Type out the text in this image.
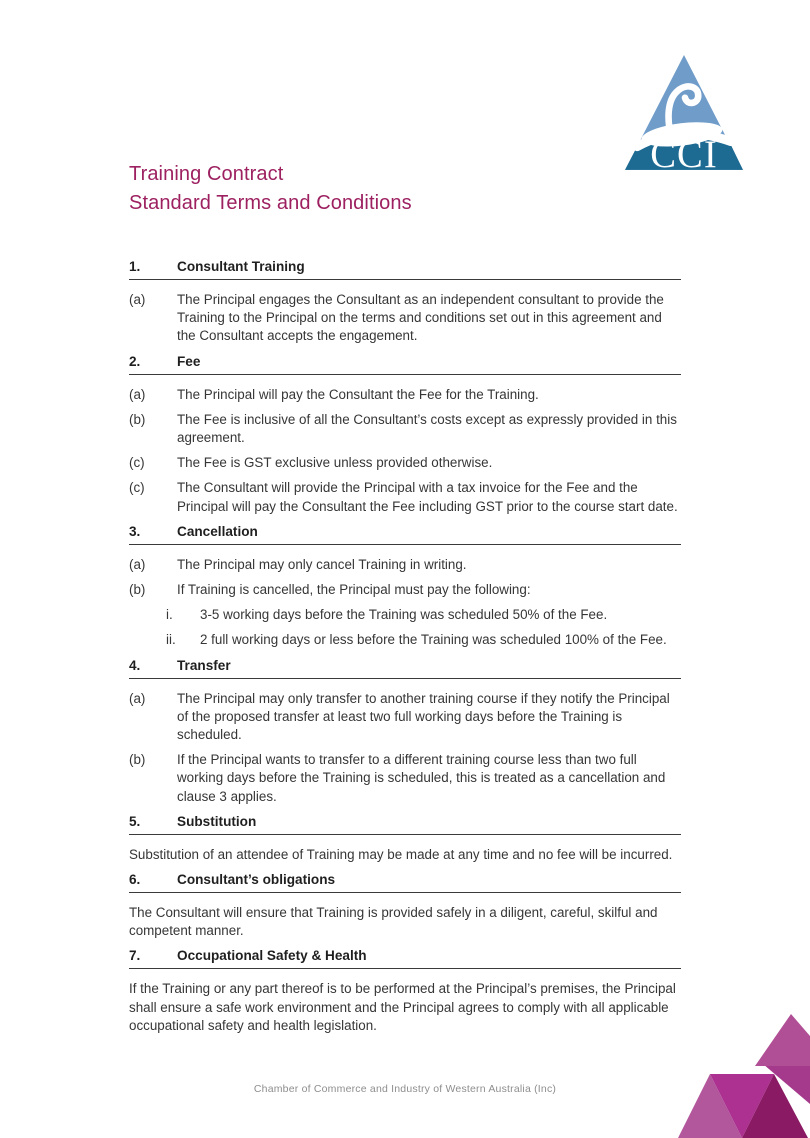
CCI
Training Contract
Standard Terms and Conditions
1.	Consultant Training
(a)	The Principal engages the Consultant as an independent consultant to provide the Training to the Principal on the terms and conditions set out in this agreement and the Consultant accepts the engagement.
2.	Fee
(a)	The Principal will pay the Consultant the Fee for the Training.
(b)	The Fee is inclusive of all the Consultant’s costs except as expressly provided in this agreement.
(c)	The Fee is GST exclusive unless provided otherwise.
(c)	The Consultant will provide the Principal with a tax invoice for the Fee and the Principal will pay the Consultant the Fee including GST prior to the course start date.
3.	Cancellation
(a)	The Principal may only cancel Training in writing.
(b)	If Training is cancelled, the Principal must pay the following:
i.	3-5 working days before the Training was scheduled 50% of the Fee.
ii.	2 full working days or less before the Training was scheduled 100% of the Fee.
4.	Transfer
(a)	The Principal may only transfer to another training course if they notify the Principal of the proposed transfer at least two full working days before the Training is scheduled.
(b)	If the Principal wants to transfer to a different training course less than two full working days before the Training is scheduled, this is treated as a cancellation and clause 3 applies.
5.	Substitution
Substitution of an attendee of Training may be made at any time and no fee will be incurred.
6.	Consultant’s obligations
The Consultant will ensure that Training is provided safely in a diligent, careful, skilful and competent manner.
7.	Occupational Safety & Health
If the Training or any part thereof is to be performed at the Principal’s premises, the Principal shall ensure a safe work environment and the Principal agrees to comply with all applicable occupational safety and health legislation.
Chamber of Commerce and Industry of Western Australia (Inc)
